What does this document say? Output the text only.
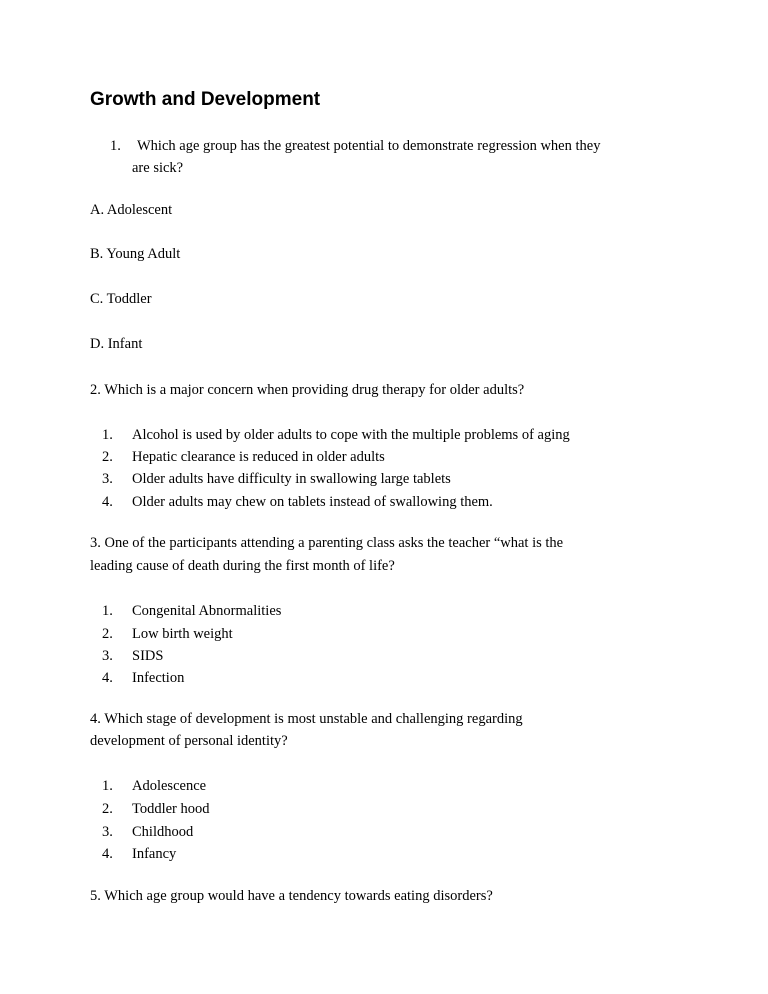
Growth and Development
1. Which age group has the greatest potential to demonstrate regression when they
are sick?
A. Adolescent
B. Young Adult
C. Toddler
D. Infant
2. Which is a major concern when providing drug therapy for older adults?
1. Alcohol is used by older adults to cope with the multiple problems of aging
2. Hepatic clearance is reduced in older adults
3. Older adults have difficulty in swallowing large tablets
4. Older adults may chew on tablets instead of swallowing them.
3. One of the participants attending a parenting class asks the teacher “what is the
leading cause of death during the first month of life?
1. Congenital Abnormalities
2. Low birth weight
3. SIDS
4. Infection
4. Which stage of development is most unstable and challenging regarding
development of personal identity?
1. Adolescence
2. Toddler hood
3. Childhood
4. Infancy
5. Which age group would have a tendency towards eating disorders?
